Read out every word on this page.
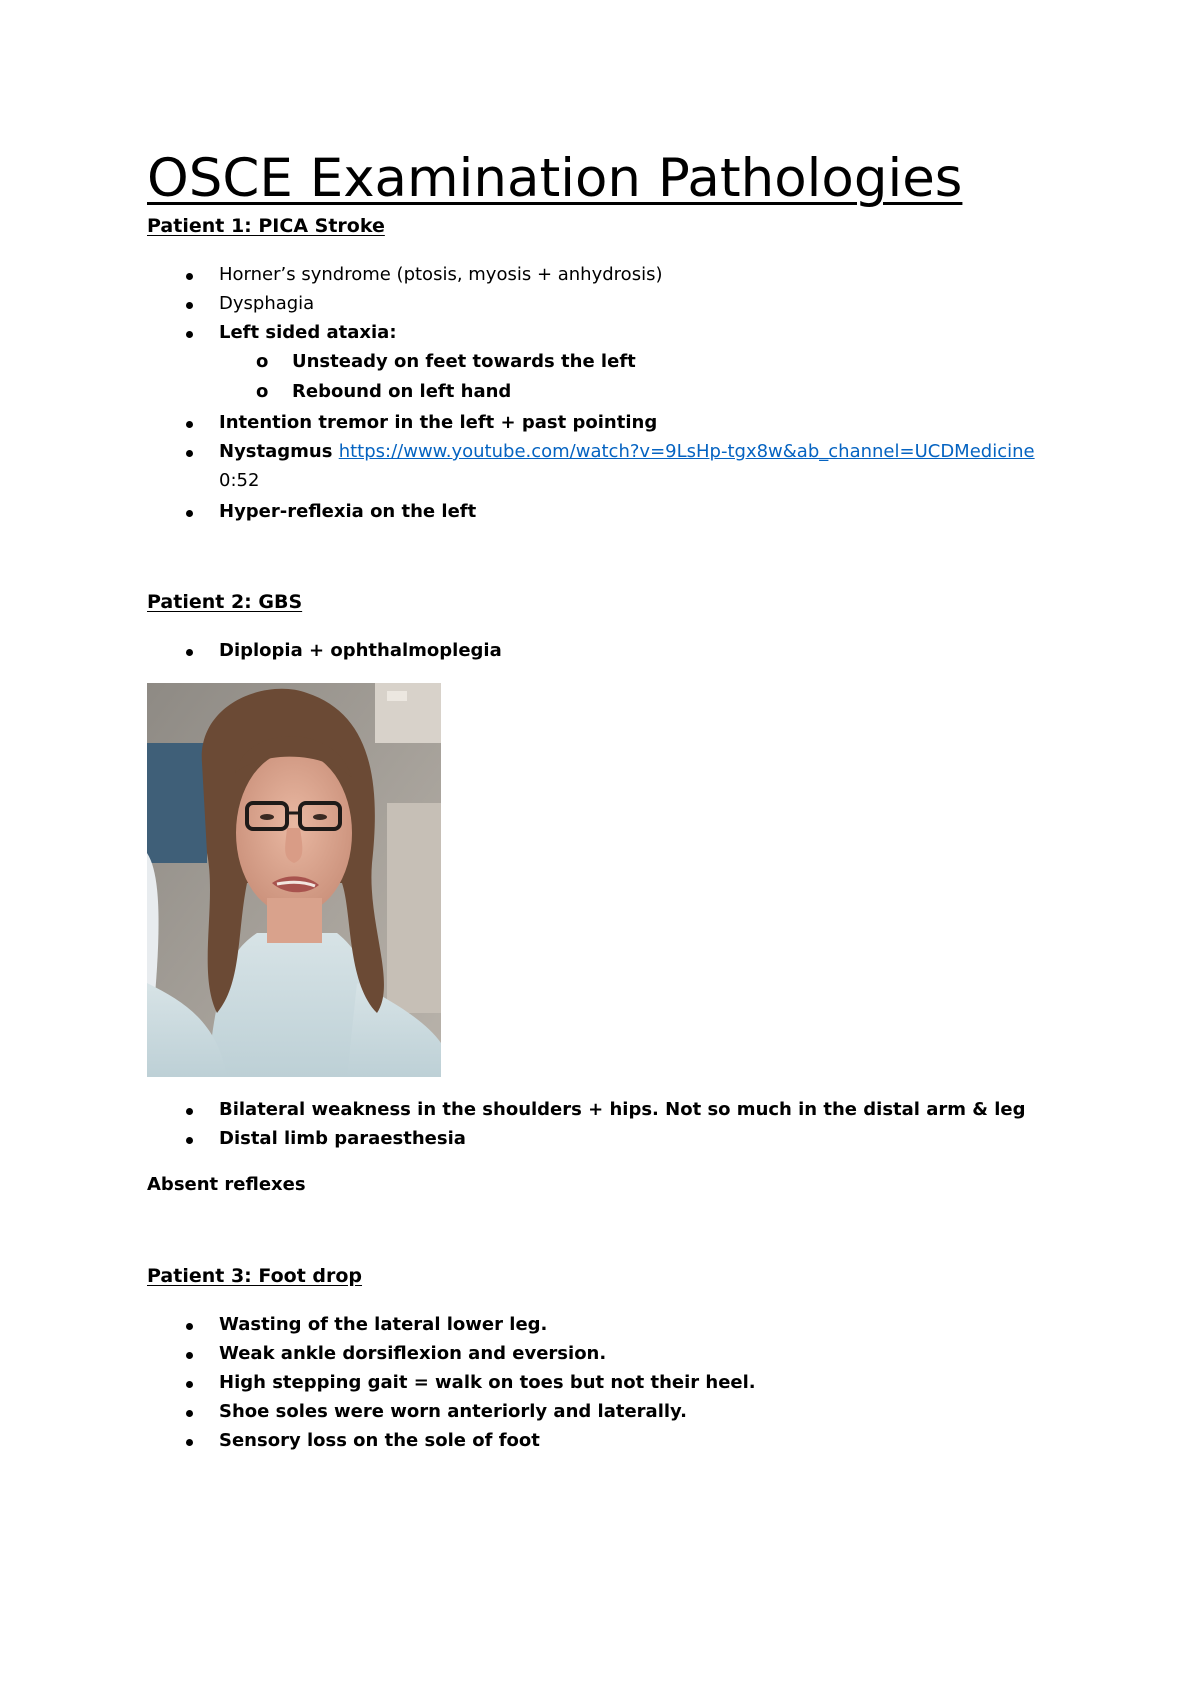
OSCE Examination Pathologies
Patient 1: PICA Stroke
Horner’s syndrome (ptosis, myosis + anhydrosis)
Dysphagia
Left sided ataxia:
o Unsteady on feet towards the left
o Rebound on left hand
Intention tremor in the left + past pointing
Nystagmus https://www.youtube.com/watch?v=9LsHp-tgx8w&ab_channel=UCDMedicine
0:52
Hyper-reflexia on the left
Patient 2: GBS
Diplopia + ophthalmoplegia
Bilateral weakness in the shoulders + hips. Not so much in the distal arm & leg
Distal limb paraesthesia
Absent reflexes
Patient 3: Foot drop
Wasting of the lateral lower leg.
Weak ankle dorsiflexion and eversion.
High stepping gait = walk on toes but not their heel.
Shoe soles were worn anteriorly and laterally.
Sensory loss on the sole of foot
